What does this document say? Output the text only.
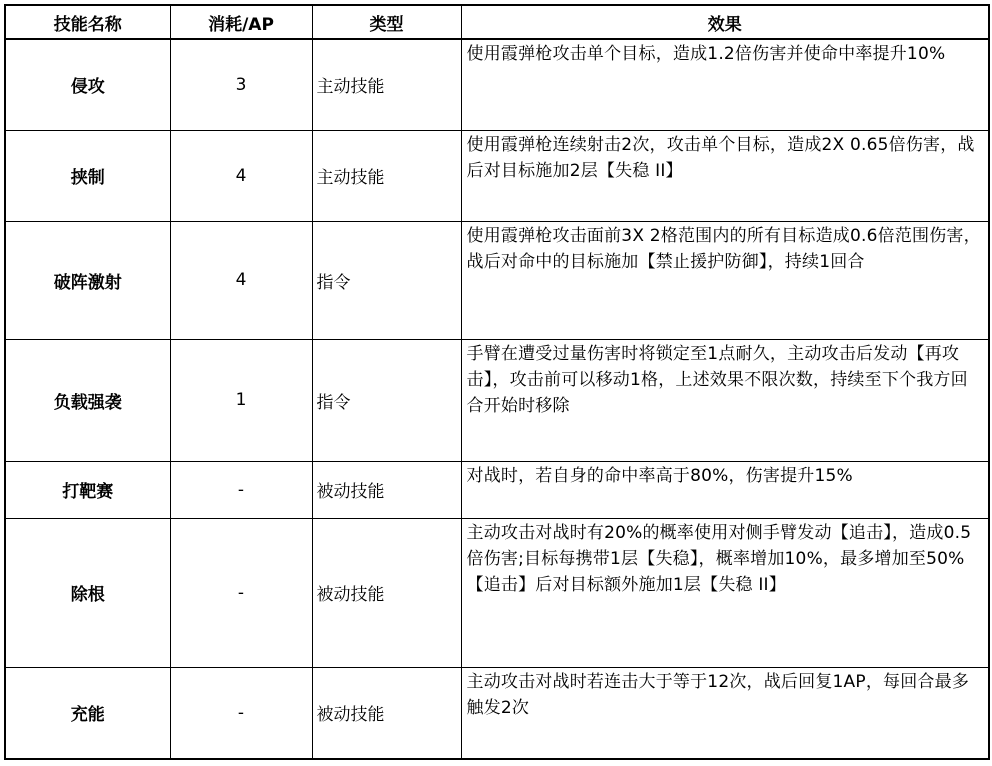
技能名称	消耗/AP	类型	效果
侵攻	3	主动技能	使用霞弹枪攻击单个目标，造成1.2倍伤害并使命中率提升10%
挟制	4	主动技能	使用霞弹枪连续射击2次，攻击单个目标，造成2X 0.65倍伤害，战后对目标施加2层【失稳 II】
破阵激射	4	指令	使用霞弹枪攻击面前3X 2格范围内的所有目标造成0.6倍范围伤害，战后对命中的目标施加【禁止援护防御】，持续1回合
负载强袭	1	指令	手臂在遭受过量伤害时将锁定至1点耐久，主动攻击后发动【再攻击】，攻击前可以移动1格，上述效果不限次数，持续至下个我方回合开始时移除
打靶赛	-	被动技能	对战时，若自身的命中率高于80%，伤害提升15%
除根	-	被动技能	主动攻击对战时有20%的概率使用对侧手臂发动【追击】，造成0.5倍伤害;目标每携带1层【失稳】，概率增加10%，最多增加至50%【追击】后对目标额外施加1层【失稳 II】
充能	-	被动技能	主动攻击对战时若连击大于等于12次，战后回复1AP，每回合最多触发2次
